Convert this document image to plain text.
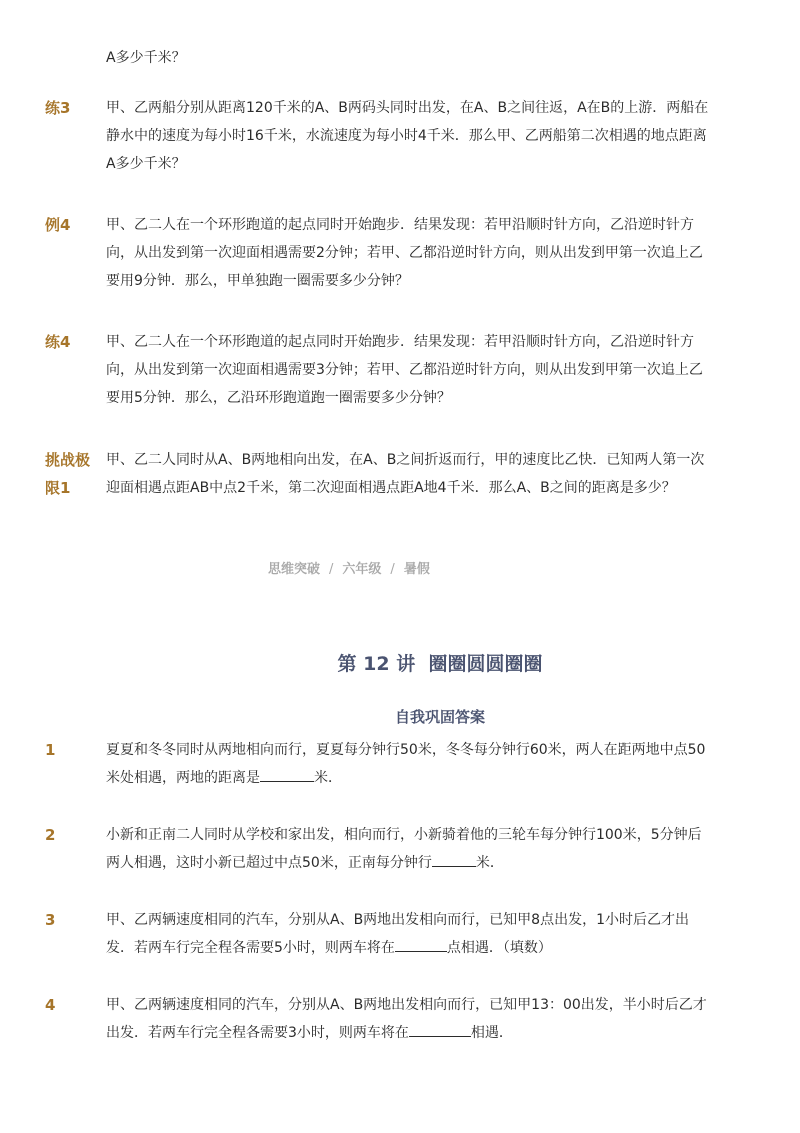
A多少千米？
练3	甲、乙两船分别从距离120千米的A、B两码头同时出发，在A、B之间往返，A在B的上游．两船在
静水中的速度为每小时16千米，水流速度为每小时4千米．那么甲、乙两船第二次相遇的地点距离
A多少千米？
例4	甲、乙二人在一个环形跑道的起点同时开始跑步．结果发现：若甲沿顺时针方向，乙沿逆时针方
向，从出发到第一次迎面相遇需要2分钟；若甲、乙都沿逆时针方向，则从出发到甲第一次追上乙
要用9分钟．那么，甲单独跑一圈需要多少分钟？
练4	甲、乙二人在一个环形跑道的起点同时开始跑步．结果发现：若甲沿顺时针方向，乙沿逆时针方
向，从出发到第一次迎面相遇需要3分钟；若甲、乙都沿逆时针方向，则从出发到甲第一次追上乙
要用5分钟．那么，乙沿环形跑道跑一圈需要多少分钟？
挑战极
限1
甲、乙二人同时从A、B两地相向出发，在A、B之间折返而行，甲的速度比乙快．已知两人第一次
迎面相遇点距AB中点2千米，第二次迎面相遇点距A地4千米．那么A、B之间的距离是多少？
思维突破 / 六年级 / 暑假
第 12 讲  圈圈圆圆圈圈
自我巩固答案
1	夏夏和冬冬同时从两地相向而行，夏夏每分钟行50米，冬冬每分钟行60米，两人在距两地中点50
米处相遇，两地的距离是	米．
2	小新和正南二人同时从学校和家出发，相向而行，小新骑着他的三轮车每分钟行100米，5分钟后
两人相遇，这时小新已超过中点50米，正南每分钟行	米．
3	甲、乙两辆速度相同的汽车，分别从A、B两地出发相向而行，已知甲8点出发，1小时后乙才出
发．若两车行完全程各需要5小时，则两车将在	点相遇．（填数）
4	甲、乙两辆速度相同的汽车，分别从A、B两地出发相向而行，已知甲13：00出发，半小时后乙才
出发．若两车行完全程各需要3小时，则两车将在	相遇．
